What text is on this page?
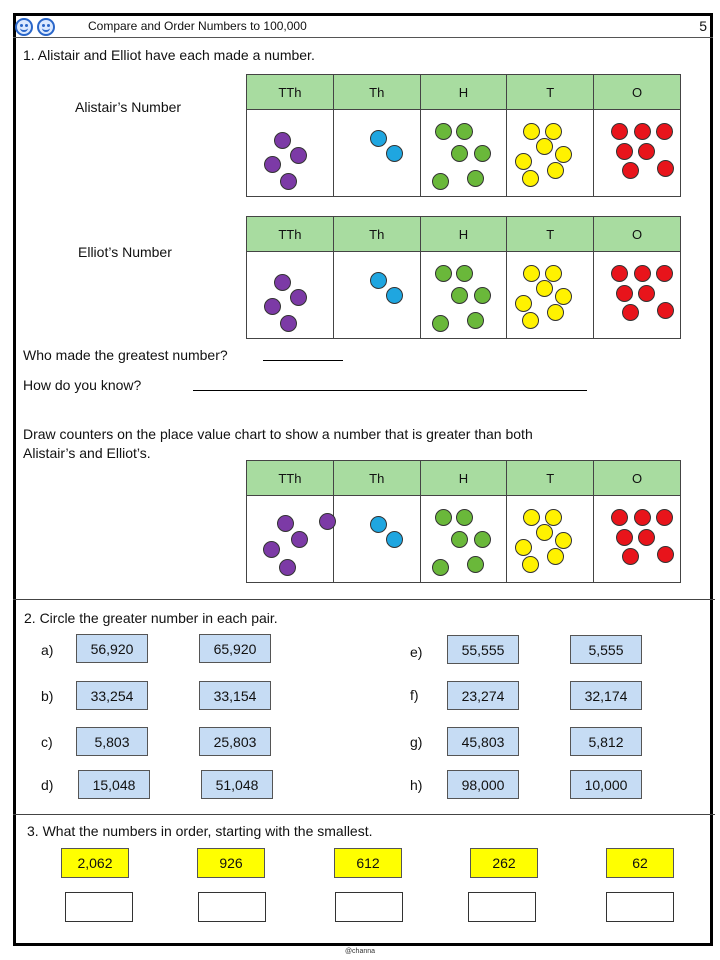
Compare and Order Numbers to 100,000	5
1. Alistair and Elliot have each made a number.
Alistair’s Number
Elliot’s Number
TTh	Th	H	T	O

TTh	Th	H	T	O

Who made the greatest number?
How do you know?
Draw counters on the place value chart to show a number that is greater than both
Alistair’s and Elliot’s.
TTh	Th	H	T	O

2. Circle the greater number in each pair.
a)	56,920	65,920
b)	33,254	33,154
c)	5,803	25,803
d)	15,048	51,048
e)	55,555	5,555
f)	23,274	32,174
g)	45,803	5,812
h)	98,000	10,000
3. What the numbers in order, starting with the smallest.
2,062	926	612	262	62
@channa
